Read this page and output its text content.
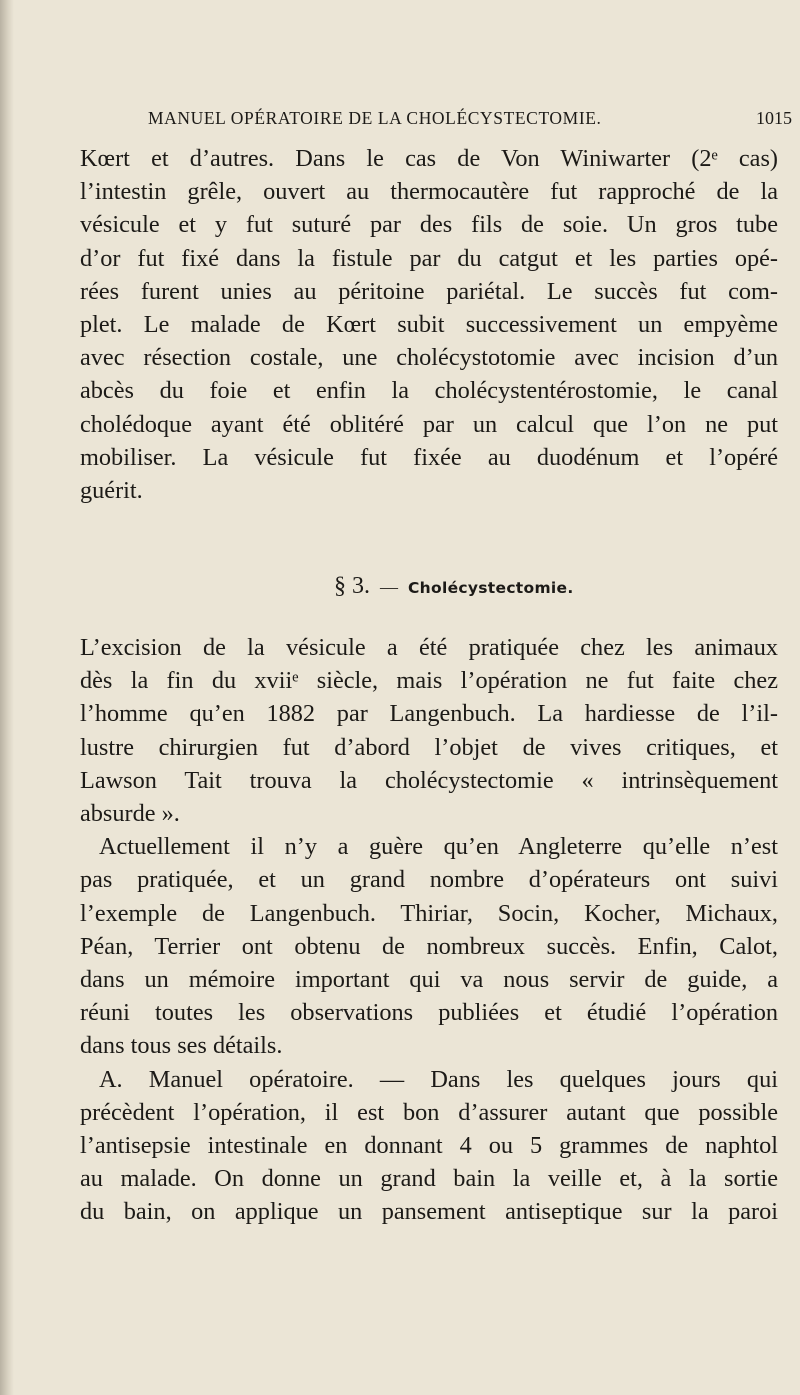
MANUEL OPÉRATOIRE DE LA CHOLÉCYSTECTOMIE.	1015
Kœrt et d’autres. Dans le cas de Von Winiwarter (2ᵉ cas)
l’intestin grêle, ouvert au thermocautère fut rapproché de la
vésicule et y fut suturé par des fils de soie. Un gros tube
d’or fut fixé dans la fistule par du catgut et les parties opé-
rées furent unies au péritoine pariétal. Le succès fut com-
plet. Le malade de Kœrt subit successivement un empyème
avec résection costale, une cholécystotomie avec incision d’un
abcès du foie et enfin la cholécystentérostomie, le canal
cholédoque ayant été oblitéré par un calcul que l’on ne put
mobiliser. La vésicule fut fixée au duodénum et l’opéré
guérit.
§ 3. — Cholécystectomie.
L’excision de la vésicule a été pratiquée chez les animaux
dès la fin du xviiᵉ siècle, mais l’opération ne fut faite chez
l’homme qu’en 1882 par Langenbuch. La hardiesse de l’il-
lustre chirurgien fut d’abord l’objet de vives critiques, et
Lawson Tait trouva la cholécystectomie « intrinsèquement
absurde ».
Actuellement il n’y a guère qu’en Angleterre qu’elle n’est
pas pratiquée, et un grand nombre d’opérateurs ont suivi
l’exemple de Langenbuch. Thiriar, Socin, Kocher, Michaux,
Péan, Terrier ont obtenu de nombreux succès. Enfin, Calot,
dans un mémoire important qui va nous servir de guide, a
réuni toutes les observations publiées et étudié l’opération
dans tous ses détails.
A. Manuel opératoire. — Dans les quelques jours qui
précèdent l’opération, il est bon d’assurer autant que possible
l’antisepsie intestinale en donnant 4 ou 5 grammes de naphtol
au malade. On donne un grand bain la veille et, à la sortie
du bain, on applique un pansement antiseptique sur la paroi
